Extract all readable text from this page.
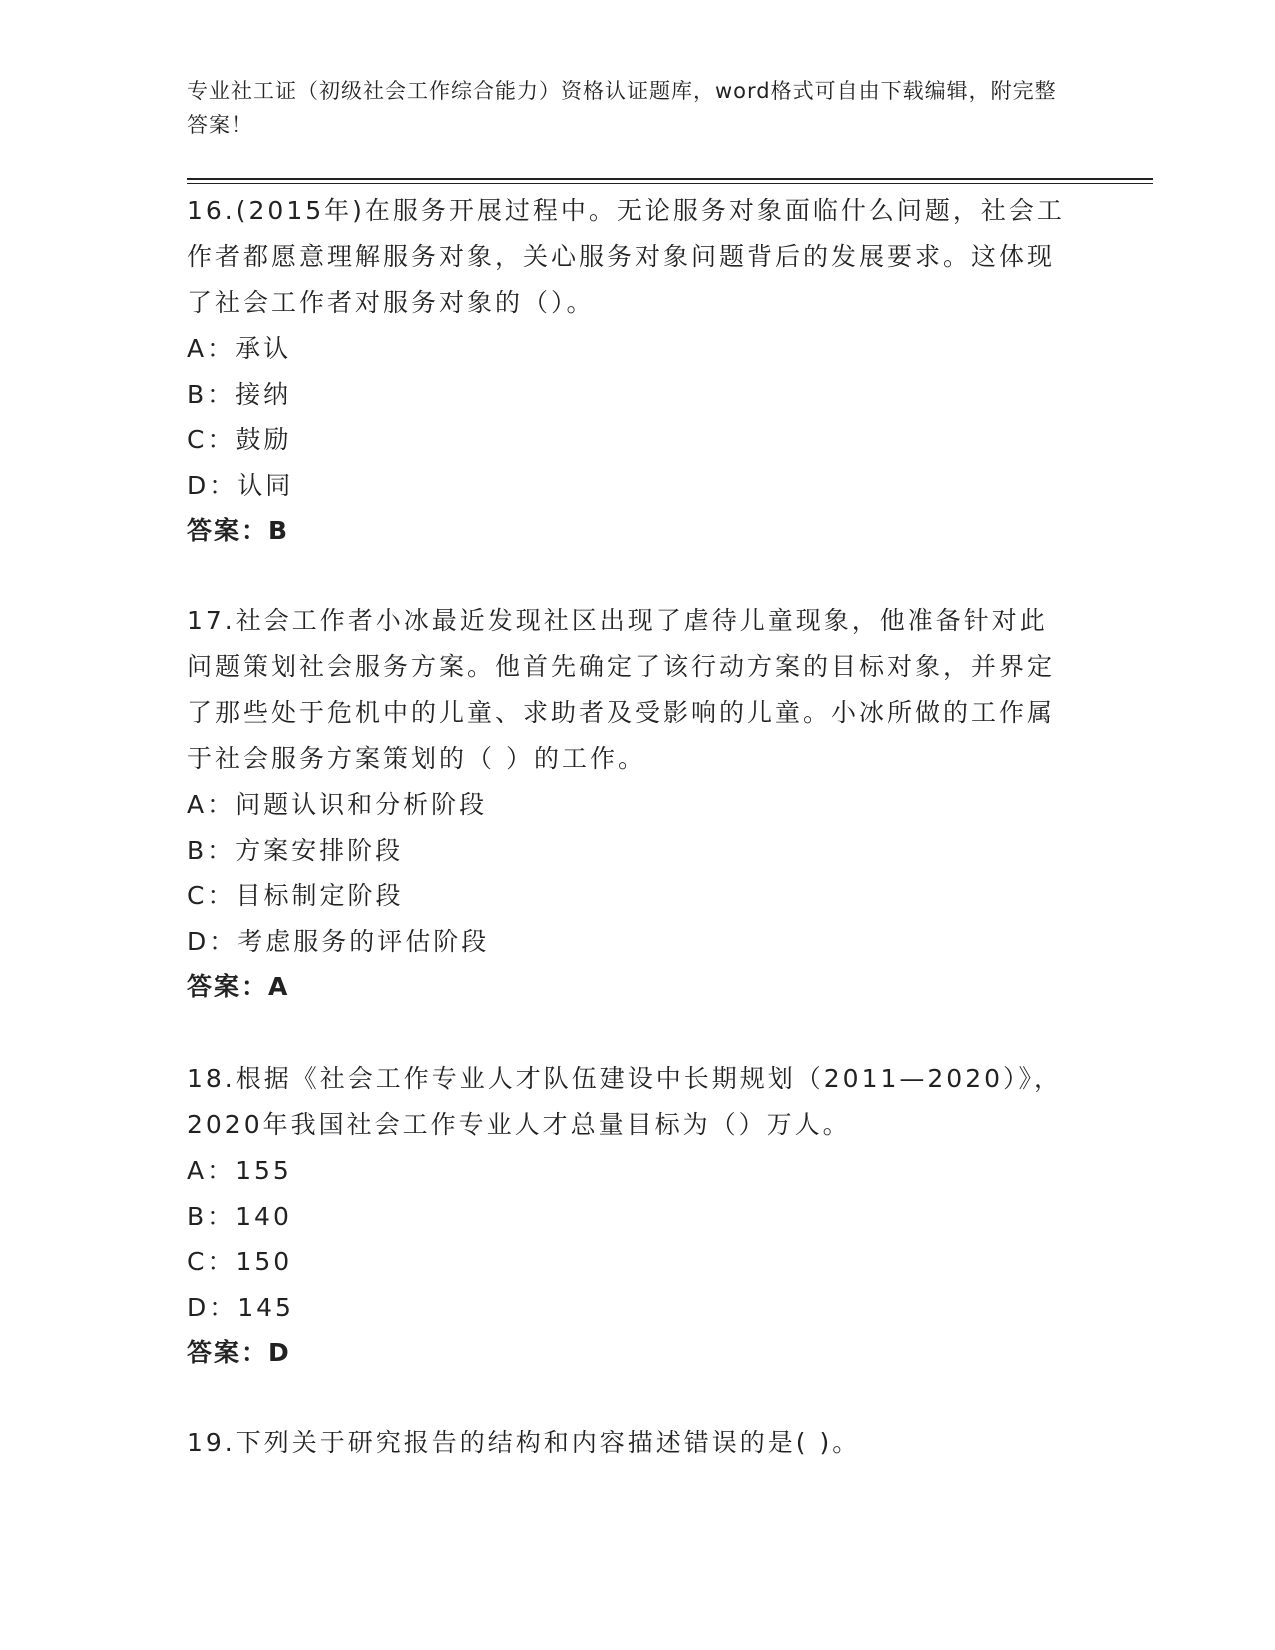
专业社工证（初级社会工作综合能力）资格认证题库，word格式可自由下载编辑，附完整答案！
16.(2015年)在服务开展过程中。无论服务对象面临什么问题，社会工作者都愿意理解服务对象，关心服务对象问题背后的发展要求。这体现了社会工作者对服务对象的（）。
A：承认
B：接纳
C：鼓励
D：认同
答案：B
17.社会工作者小冰最近发现社区出现了虐待儿童现象，他准备针对此问题策划社会服务方案。他首先确定了该行动方案的目标对象，并界定了那些处于危机中的儿童、求助者及受影响的儿童。小冰所做的工作属于社会服务方案策划的（ ）的工作。
A：问题认识和分析阶段
B：方案安排阶段
C：目标制定阶段
D：考虑服务的评估阶段
答案：A
18.根据《社会工作专业人才队伍建设中长期规划（2011—2020）》，2020年我国社会工作专业人才总量目标为（）万人。
A：155
B：140
C：150
D：145
答案：D
19.下列关于研究报告的结构和内容描述错误的是( )。
